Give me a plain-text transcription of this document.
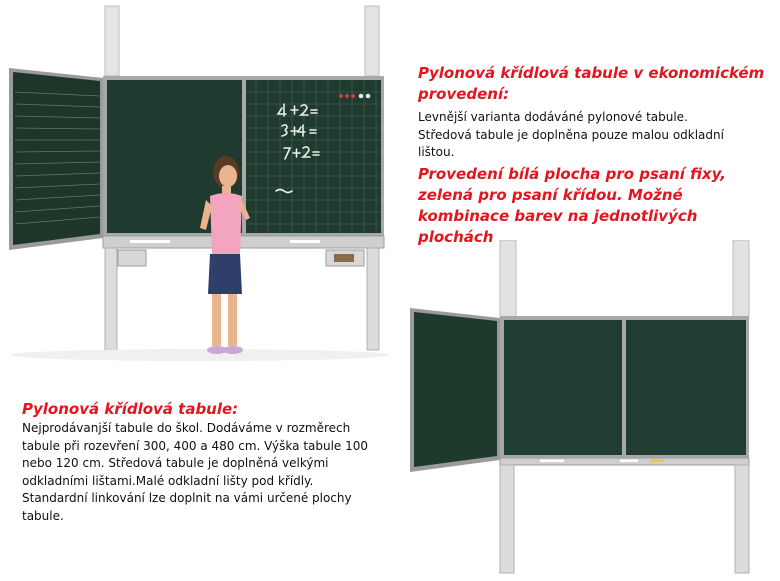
Pylonová křídlová tabule v ekonomickém
provedení:
Levnější varianta dodáváné pylonové tabule.
Středová tabule je doplněna pouze malou odkladní
lištou.
Provedení bílá plocha pro psaní fixy,
zelená pro psaní křídou. Možné
kombinace barev na jednotlivých
plochách
Pylonová křídlová tabule:
Nejprodávanjší tabule do škol. Dodáváme v rozměrech
tabule při rozevření 300, 400 a 480 cm. Výška tabule 100
nebo 120 cm. Středová tabule je doplněná velkými
odkladními lištami.Malé odkladní lišty pod křídly.
Standardní linkování lze doplnit na vámi určené plochy
tabule.
